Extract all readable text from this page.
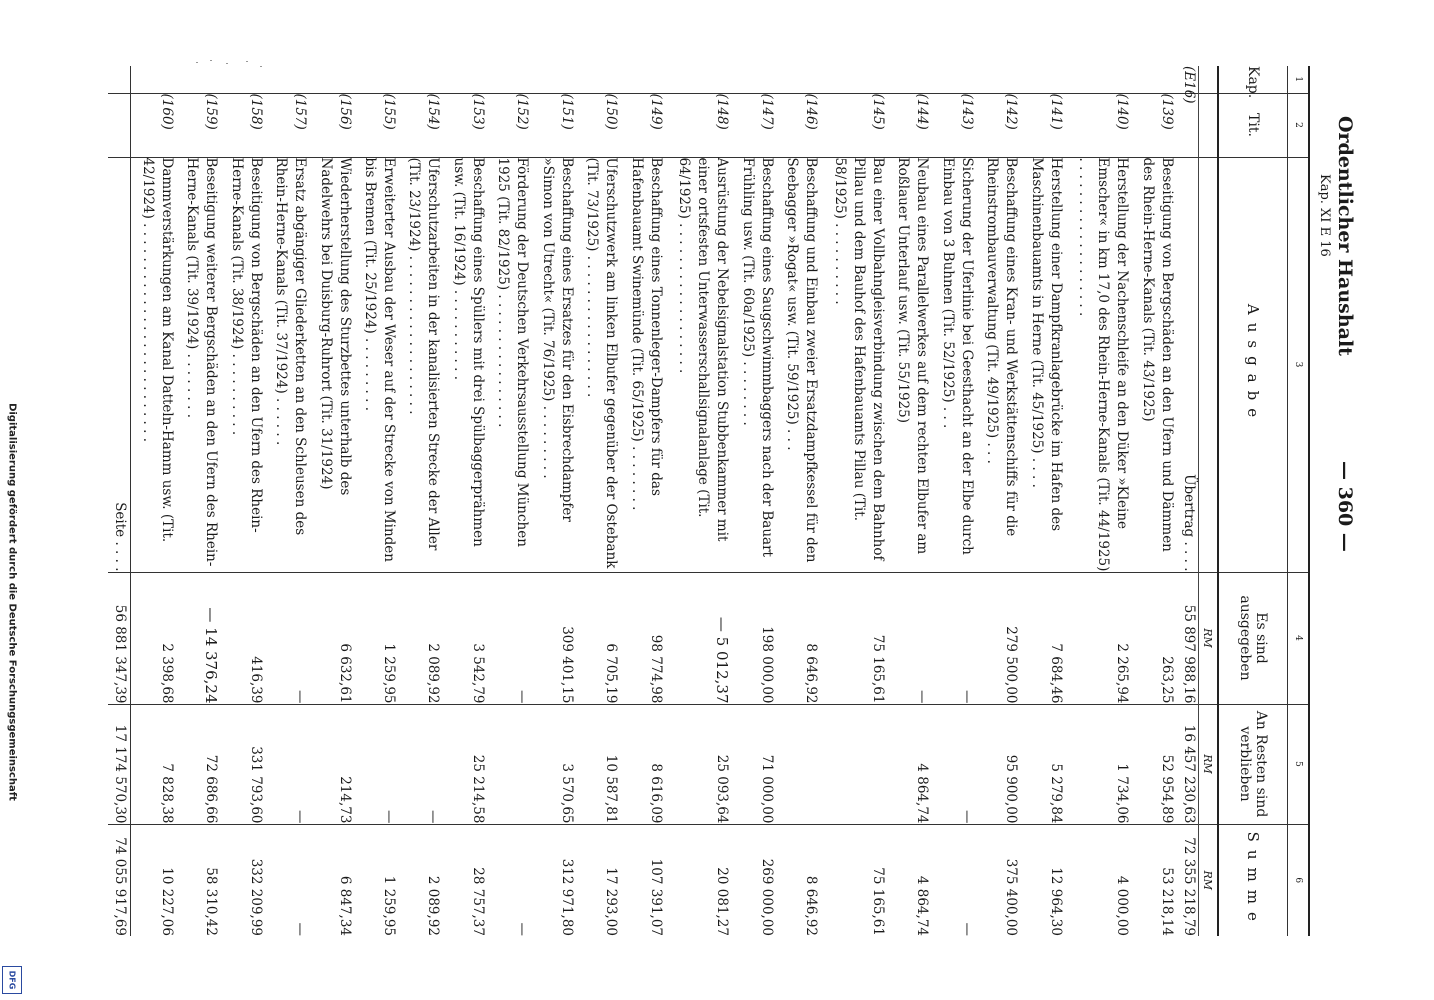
Digitalisierung gefördert durch die Deutsche Forschungsgemeinschaft
DFG
Ordentlicher Haushalt
Kap. XI E 16
— 360 —
1	2	3	4	5	6
Kap.	Tit.	Ausgabe	Es sind ausgegeben	An Resten sind verblieben	Summe
			RM	RM	RM
(E16)		Übertrag . . . .	55 897 988,16	16 457 230,63	72 355 218,79
	(139)	Beseitigung von Bergschäden an den Ufern und Dämmen des Rhein-Herne-Kanals (Tit. 43/1925)	263,25	52 954,89	53 218,14
	(140)	Herstellung der Nachenschleife an den Düker »Kleine Emscher« in km 17,0 des Rhein-Herne-Kanals (Tit. 44/1925) . . . . . . . . . . . . . . . . . . .	2 265,94	1 734,06	4 000,00
	(141)	Herstellung einer Dampfkranlagebrücke im Hafen des Maschinenbauamts in Herne (Tit. 45/1925) . . . .	7 684,46	5 279,84	12 964,30
	(142)	Beschaffung eines Kran- und Werkstättenschiffs für die Rheinstrombauverwaltung (Tit. 49/1925) . . .	279 500,00	95 900,00	375 400,00
	(143)	Sicherung der Uferlinie bei Geesthacht an der Elbe durch Einbau von 3 Buhnen (Tit. 52/1925) . . .	—	—	—
	(144)	Neubau eines Parallelwerkes auf dem rechten Elbufer am Roßlauer Unterlauf usw. (Tit. 55/1925)	—	4 864,74	4 864,74
	(145)	Bau einer Vollbahngleisverbindung zwischen dem Bahnhof Pillau und dem Bauhof des Hafenbauamts Pillau (Tit. 58/1925) . . . . . . . . . .	75 165,61		75 165,61
	(146)	Beschaffung und Einbau zweier Ersatzdampfkessel für den Seebagger »Rogat« usw. (Tit. 59/1925) . . .	8 646,92		8 646,92
	(147)	Beschaffung eines Saugschwimmbaggers nach der Bauart Frühling usw. (Tit. 60a/1925) . . . . . . . .	198 000,00	71 000,00	269 000,00
	(148)	Ausrüstung der Nebelsignalstation Stubbenkammer mit einer ortsfesten Unterwasserschallsignalanlage (Tit. 64/1925) . . . . . . . . . . . . . . . . . .	— 5 012,37	25 093,64	20 081,27
	(149)	Beschaffung eines Tonnenleger-Dampfers für das Hafenbauamt Swinemünde (Tit. 65/1925) . . . . . . . .	98 774,98	8 616,09	107 391,07
	(150)	Uferschutzwerk am linken Elbufer gegenüber der Ostebank (Tit. 73/1925) . . . . . . . . . . . . . . . . .	6 705,19	10 587,81	17 293,00
	(151)	Beschaffung eines Ersatzes für den Eisbrechdampfer »Simon von Utrecht« (Tit. 76/1925) . . . . . . . . .	309 401,15	3 570,65	312 971,80
	(152)	Förderung der Deutschen Verkehrsausstellung München 1925 (Tit. 82/1925) . . . . . . . . . . . . . . . .	—		—
	(153)	Beschaffung eines Spüllers mit drei Spülbaggerprähmen usw. (Tit. 16/1924) . . . . . . . . . . .	3 542,79	25 214,58	28 757,37
	(154)	Uferschutzarbeiten in der kanalisierten Strecke der Aller (Tit. 23/1924) . . . . . . . . . . . . . . . . . . .	2 089,92	—	2 089,92
	(155)	Erweiterter Ausbau der Weser auf der Strecke von Minden bis Bremen (Tit. 25/1924) . . . . . . . . .	1 259,95	—	1 259,95
	(156)	Wiederherstellung des Sturzbettes unterhalb des Nadelwehrs bei Duisburg-Ruhrort (Tit. 31/1924)	6 632,61	214,73	6 847,34
	(157)	Ersatz abgängiger Gliederketten an den Schleusen des Rhein-Herne-Kanals (Tit. 37/1924) . . . . . .	—	—	—
	(158)	Beseitigung von Bergschäden an den Ufern des Rhein-Herne-Kanals (Tit. 38/1924) . . . . . . . . . .	416,39	331 793,60	332 209,99
	(159)	Beseitigung weiterer Bergschäden an den Ufern des Rhein-Herne-Kanals (Tit. 39/1924) . . . . . . . .	— 14 376,24	72 686,66	58 310,42
	(160)	Dammverstärkungen am Kanal Datteln-Hamm usw. (Tit. 42/1924) . . . . . . . . . . . . . . . . . . . . . . . . . .	2 398,68	7 828,38	10 227,06

		Seite . . . .	56 881 347,39	17 174 570,30	74 055 917,69
